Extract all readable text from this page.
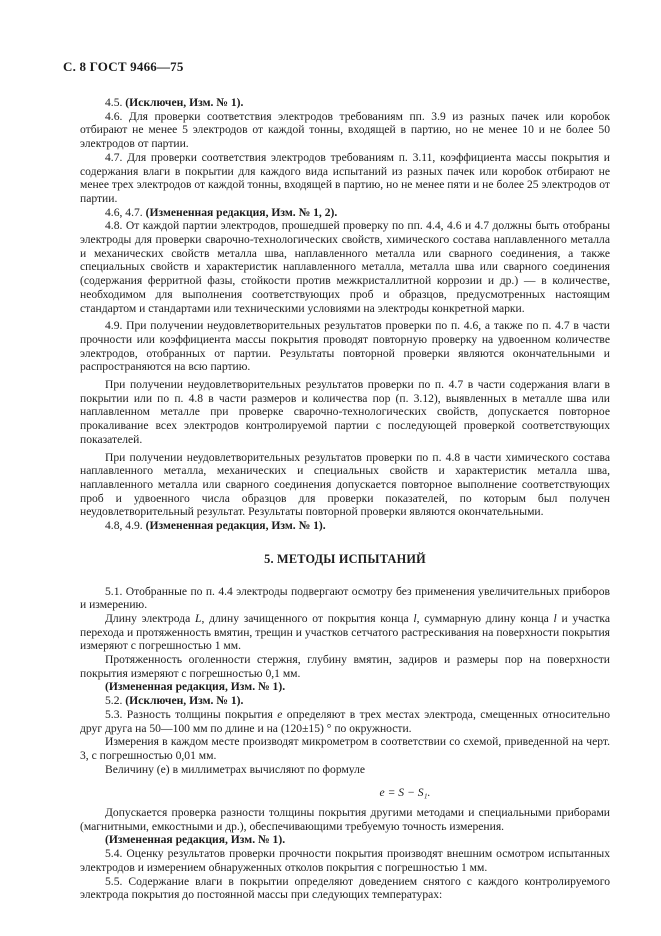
С. 8 ГОСТ 9466—75

4.5. (Исключен, Изм. № 1).

4.6. Для проверки соответствия электродов требованиям пп. 3.9 из разных пачек или коробок отбирают не менее 5 электродов от каждой тонны, входящей в партию, но не менее 10 и не более 50 электродов от партии.

4.7. Для проверки соответствия электродов требованиям п. 3.11, коэффициента массы покрытия и содержания влаги в покрытии для каждого вида испытаний из разных пачек или коробок отбирают не менее трех электродов от каждой тонны, входящей в партию, но не менее пяти и не более 25 электродов от партии.

4.6, 4.7. (Измененная редакция, Изм. № 1, 2).

4.8. От каждой партии электродов, прошедшей проверку по пп. 4.4, 4.6 и 4.7 должны быть отобраны электроды для проверки сварочно-технологических свойств, химического состава наплавленного металла и механических свойств металла шва, наплавленного металла или сварного соединения, а также специальных свойств и характеристик наплавленного металла, металла шва или сварного соединения (содержания ферритной фазы, стойкости против межкристаллитной коррозии и др.) — в количестве, необходимом для выполнения соответствующих проб и образцов, предусмотренных настоящим стандартом и стандартами или техническими условиями на электроды конкретной марки.

4.9. При получении неудовлетворительных результатов проверки по п. 4.6, а также по п. 4.7 в части прочности или коэффициента массы покрытия проводят повторную проверку на удвоенном количестве электродов, отобранных от партии. Результаты повторной проверки являются окончательными и распространяются на всю партию.

При получении неудовлетворительных результатов проверки по п. 4.7 в части содержания влаги в покрытии или по п. 4.8 в части размеров и количества пор (п. 3.12), выявленных в металле шва или наплавленном металле при проверке сварочно-технологических свойств, допускается повторное прокаливание всех электродов контролируемой партии с последующей проверкой соответствующих показателей.

При получении неудовлетворительных результатов проверки по п. 4.8 в части химического состава наплавленного металла, механических и специальных свойств и характеристик металла шва, наплавленного металла или сварного соединения допускается повторное выполнение соответствующих проб и удвоенного числа образцов для проверки показателей, по которым был получен неудовлетворительный результат. Результаты повторной проверки являются окончательными.

4.8, 4.9. (Измененная редакция, Изм. № 1).

5. МЕТОДЫ ИСПЫТАНИЙ

5.1. Отобранные по п. 4.4 электроды подвергают осмотру без применения увеличительных приборов и измерению.

Длину электрода L, длину зачищенного от покрытия конца l, суммарную длину конца l и участка перехода и протяженность вмятин, трещин и участков сетчатого растрескивания на поверхности покрытия измеряют с погрешностью 1 мм.

Протяженность оголенности стержня, глубину вмятин, задиров и размеры пор на поверхности покрытия измеряют с погрешностью 0,1 мм.

(Измененная редакция, Изм. № 1).

5.2. (Исключен, Изм. № 1).

5.3. Разность толщины покрытия е определяют в трех местах электрода, смещенных относительно друг друга на 50—100 мм по длине и на (120±15) ° по окружности.

Измерения в каждом месте производят микрометром в соответствии со схемой, приведенной на черт. 3, с погрешностью 0,01 мм.

Величину (е) в миллиметрах вычисляют по формуле

е = S − S₁.

Допускается проверка разности толщины покрытия другими методами и специальными приборами (магнитными, емкостными и др.), обеспечивающими требуемую точность измерения.

(Измененная редакция, Изм. № 1).

5.4. Оценку результатов проверки прочности покрытия производят внешним осмотром испытанных электродов и измерением обнаруженных отколов покрытия с погрешностью 1 мм.

5.5. Содержание влаги в покрытии определяют доведением снятого с каждого контролируемого электрода покрытия до постоянной массы при следующих температурах:
